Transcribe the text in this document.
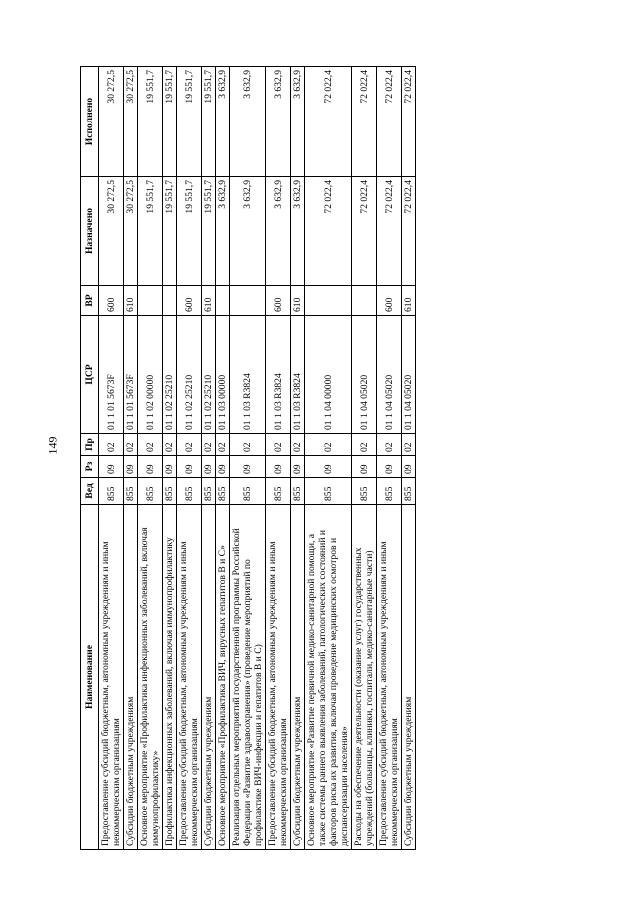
149
Наименование	Вед	Рз	Пр	ЦСР	ВР	Назначено	Исполнено
Предоставление субсидий бюджетным, автономным учреждениям и иным некоммерческим организациям	855	09	02	01 1 01 5673F	600	30 272,5	30 272,5
Субсидии бюджетным учреждениям	855	09	02	01 1 01 5673F	610	30 272,5	30 272,5
Основное мероприятие «Профилактика инфекционных заболеваний, включая иммунопрофилактику»	855	09	02	01 1 02 00000		19 551,7	19 551,7
Профилактика инфекционных заболеваний, включая иммунопрофилактику	855	09	02	01 1 02 25210		19 551,7	19 551,7
Предоставление субсидий бюджетным, автономным учреждениям и иным некоммерческим организациям	855	09	02	01 1 02 25210	600	19 551,7	19 551,7
Субсидии бюджетным учреждениям	855	09	02	01 1 02 25210	610	19 551,7	19 551,7
Основное мероприятие «Профилактика ВИЧ, вирусных гепатитов В и С»	855	09	02	01 1 03 00000		3 632,9	3 632,9
Реализация отдельных мероприятий государственной программы Российской Федерации «Развитие здравоохранения» (проведение мероприятий по профилактике ВИЧ-инфекции и гепатитов В и С)	855	09	02	01 1 03 R3824		3 632,9	3 632,9
Предоставление субсидий бюджетным, автономным учреждениям и иным некоммерческим организациям	855	09	02	01 1 03 R3824	600	3 632,9	3 632,9
Субсидии бюджетным учреждениям	855	09	02	01 1 03 R3824	610	3 632,9	3 632,9
Основное мероприятие «Развитие первичной медико-санитарной помощи, а также системы раннего выявления заболеваний, патологических состояний и факторов риска их развития, включая проведение медицинских осмотров и диспансеризации населения»	855	09	02	01 1 04 00000		72 022,4	72 022,4
Расходы на обеспечение деятельности (оказание услуг) государственных учреждений (больницы, клиники, госпитали, медико-санитарные части)	855	09	02	01 1 04 05020		72 022,4	72 022,4
Предоставление субсидий бюджетным, автономным учреждениям и иным некоммерческим организациям	855	09	02	01 1 04 05020	600	72 022,4	72 022,4
Субсидии бюджетным учреждениям	855	09	02	01 1 04 05020	610	72 022,4	72 022,4
